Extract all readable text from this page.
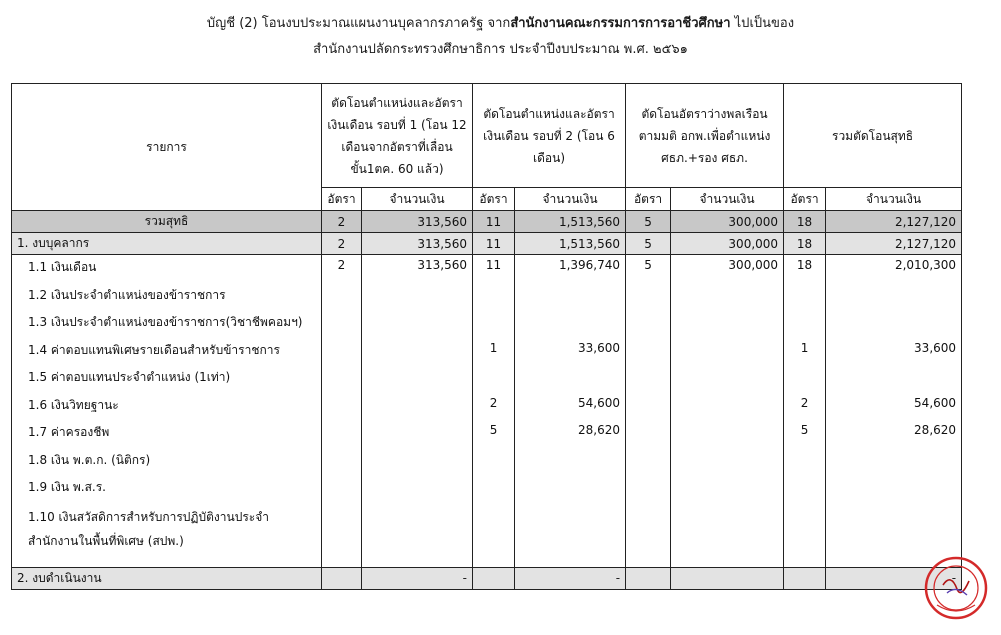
บัญชี (2) โอนงบประมาณแผนงานบุคลากรภาครัฐ จากสำนักงานคณะกรรมการการอาชีวศึกษา ไปเป็นของ
สำนักงานปลัดกระทรวงศึกษาธิการ ประจำปีงบประมาณ พ.ศ. ๒๕๖๑
รายการ	ตัดโอนตำแหน่งและอัตราเงินเดือน รอบที่ 1 (โอน 12 เดือนจากอัตราที่เลื่อนขั้น1ตค. 60 แล้ว)		ตัดโอนตำแหน่งและอัตราเงินเดือน รอบที่ 2 (โอน 6 เดือน)		ตัดโอนอัตราว่างพลเรือน ตามมติ อกพ.เพื่อตำแหน่ง ศธภ.+รอง ศธภ.		รวมตัดโอนสุทธิ	
	อัตรา	จำนวนเงิน	อัตรา	จำนวนเงิน	อัตรา	จำนวนเงิน	อัตรา	จำนวนเงิน
รวมสุทธิ	2	313,560	11	1,513,560	5	300,000	18	2,127,120
1. งบบุคลากร	2	313,560	11	1,513,560	5	300,000	18	2,127,120
1.1 เงินเดือน	2	313,560	11	1,396,740	5	300,000	18	2,010,300
1.2 เงินประจำตำแหน่งของข้าราชการ								
1.3 เงินประจำตำแหน่งของข้าราชการ(วิชาชีพคอมฯ)								
1.4 ค่าตอบแทนพิเศษรายเดือนสำหรับข้าราชการ			1	33,600			1	33,600
1.5 ค่าตอบแทนประจำตำแหน่ง (1เท่า)								
1.6 เงินวิทยฐานะ			2	54,600			2	54,600
1.7 ค่าครองชีพ			5	28,620			5	28,620
1.8 เงิน พ.ต.ก. (นิติกร)								
1.9 เงิน พ.ส.ร.								
1.10 เงินสวัสดิการสำหรับการปฏิบัติงานประจำสำนักงานในพื้นที่พิเศษ (สปพ.)								
2. งบดำเนินงาน		-		-				-
